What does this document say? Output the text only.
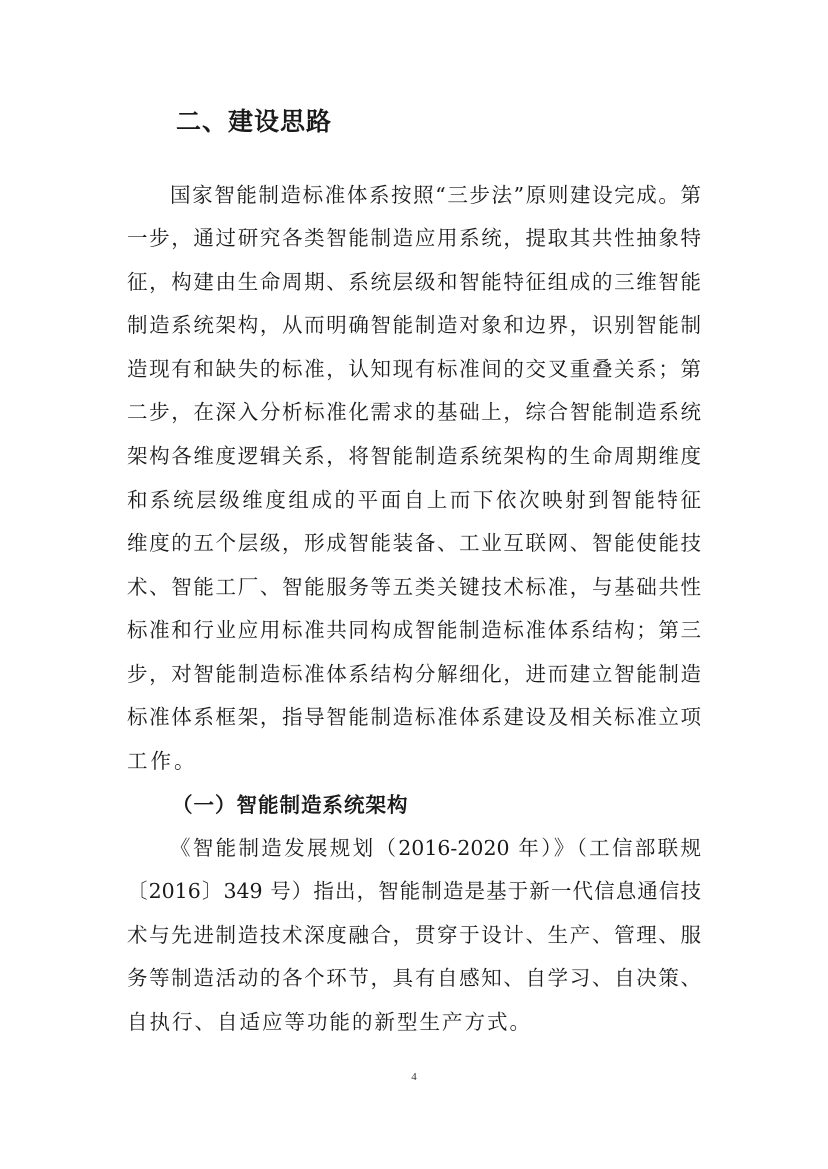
二、建设思路
国家智能制造标准体系按照“三步法”原则建设完成。第
一步，通过研究各类智能制造应用系统，提取其共性抽象特
征，构建由生命周期、系统层级和智能特征组成的三维智能
制造系统架构，从而明确智能制造对象和边界，识别智能制
造现有和缺失的标准，认知现有标准间的交叉重叠关系；第
二步，在深入分析标准化需求的基础上，综合智能制造系统
架构各维度逻辑关系，将智能制造系统架构的生命周期维度
和系统层级维度组成的平面自上而下依次映射到智能特征
维度的五个层级，形成智能装备、工业互联网、智能使能技
术、智能工厂、智能服务等五类关键技术标准，与基础共性
标准和行业应用标准共同构成智能制造标准体系结构；第三
步，对智能制造标准体系结构分解细化，进而建立智能制造
标准体系框架，指导智能制造标准体系建设及相关标准立项
工作。
（一）智能制造系统架构
《智能制造发展规划（2016-2020 年）》（工信部联规
〔2016〕349 号）指出，智能制造是基于新一代信息通信技
术与先进制造技术深度融合，贯穿于设计、生产、管理、服
务等制造活动的各个环节，具有自感知、自学习、自决策、
自执行、自适应等功能的新型生产方式。
4
